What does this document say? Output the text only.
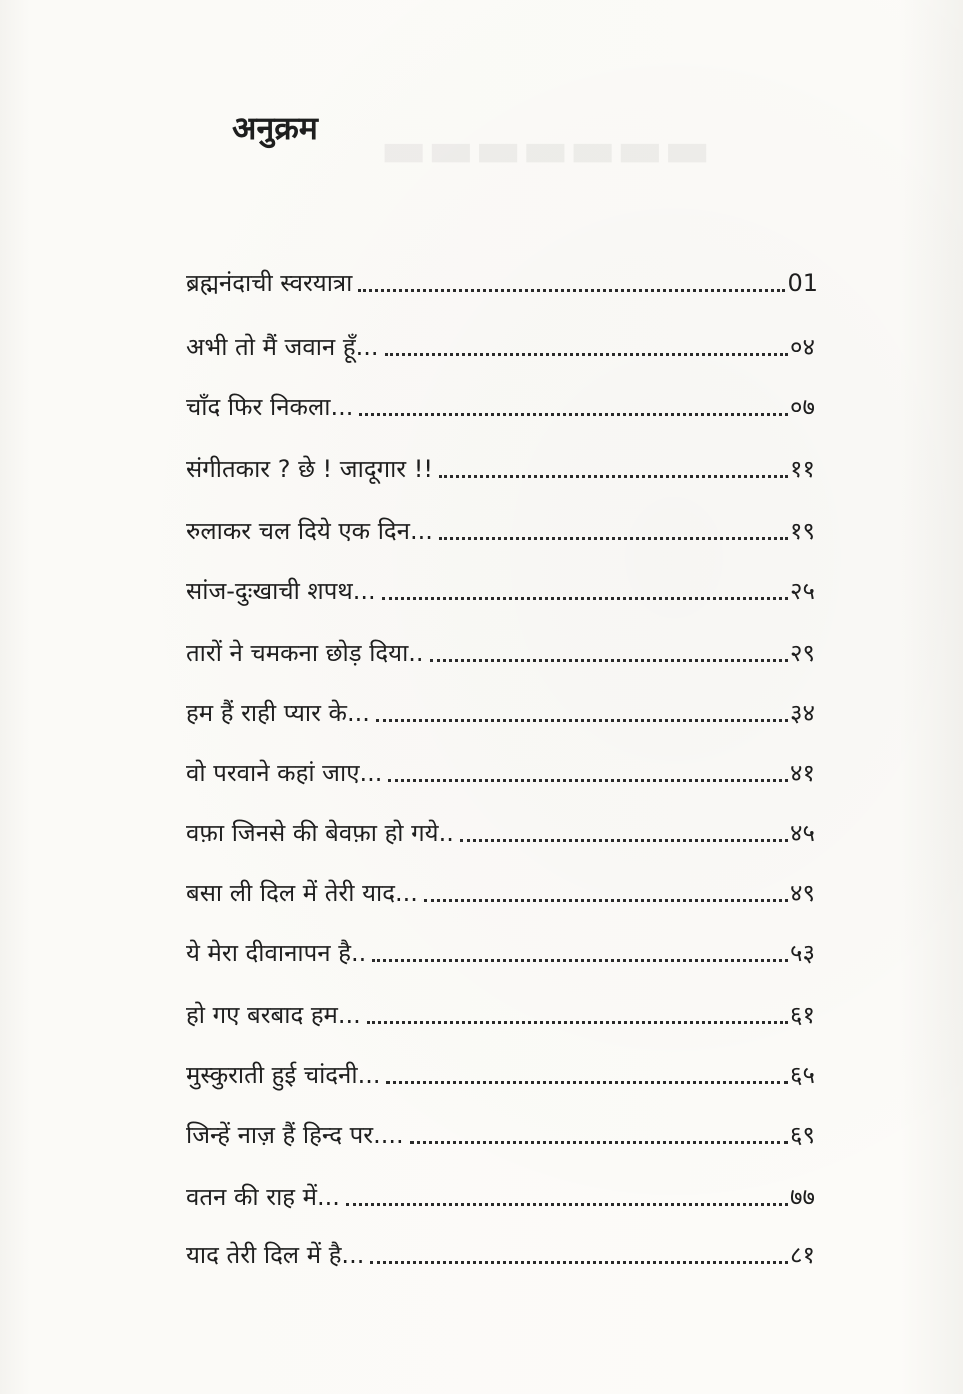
▬▬▬▬▬▬▬
अनुक्रम
ब्रह्मनंदाची स्वरयात्रा	01
अभी तो मैं जवान हूँ...	०४
चाँद फिर निकला...	०७
संगीतकार ? छे ! जादूगार !!	११
रुलाकर चल दिये एक दिन...	१९
सांज-दुःखाची शपथ...	२५
तारों ने चमकना छोड़ दिया..	२९
हम हैं राही प्यार के...	३४
वो परवाने कहां जाए...	४१
वफ़ा जिनसे की बेवफ़ा हो गये..	४५
बसा ली दिल में तेरी याद...	४९
ये मेरा दीवानापन है..	५३
हो गए बरबाद हम...	६१
मुस्कुराती हुई चांदनी...	६५
जिन्हें नाज़ हैं हिन्द पर....	६९
वतन की राह में...	७७
याद तेरी दिल में है...	८१
